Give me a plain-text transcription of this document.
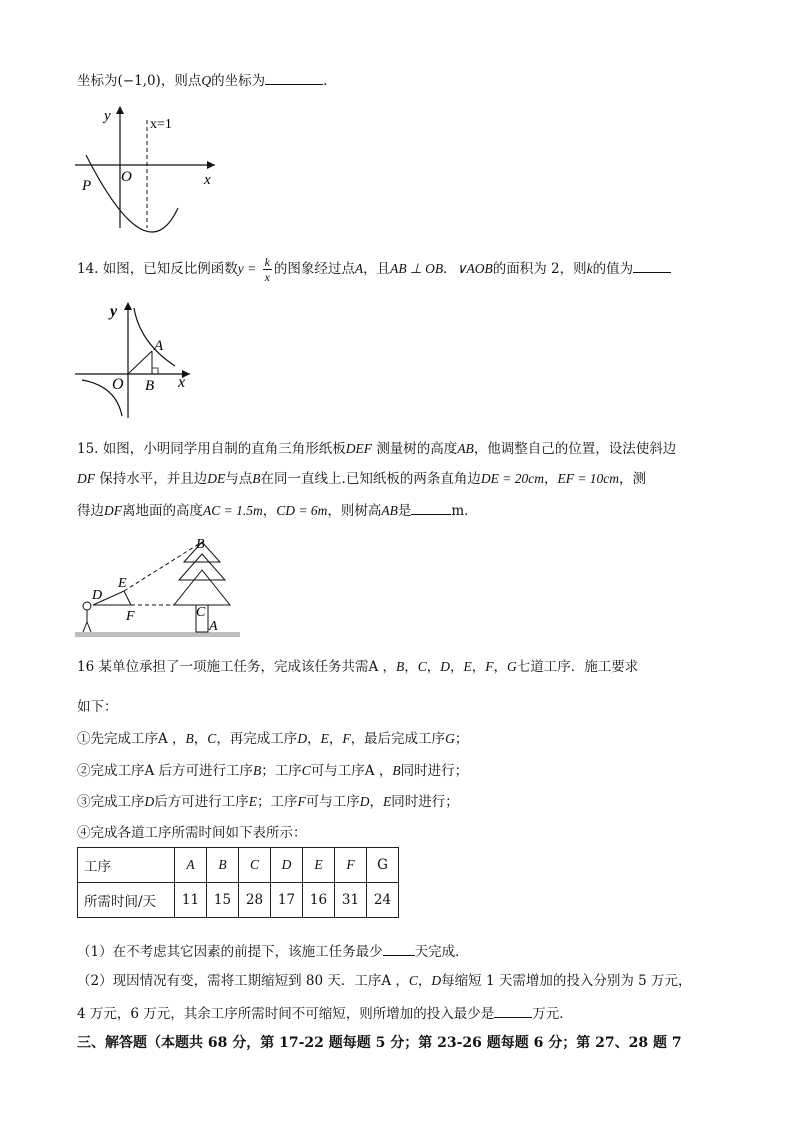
坐标为(−1,0)，则点Q的坐标为	.
y
x
O
P
x=1
14. 如图，已知反比例函数$y = \frac{k}{x}$ 的图象经过点A，且AB ⊥ OB．∨AOB的面积为 2，则k的值为
y
x
O
A
B
15. 如图，小明同学用自制的直角三角形纸板DEF 测量树的高度AB，他调整自己的位置，设法使斜边
DF 保持水平，并且边DE与点B在同一直线上.已知纸板的两条直角边DE = 20cm，EF = 10cm，测
得边DF离地面的高度AC = 1.5m，CD = 6m，则树高AB是	m．
B
E
D
F	C
A
16 某单位承担了一项施工任务，完成该任务共需A ，B，C，D，E，F，G七道工序．施工要求
如下：
①先完成工序A ，B，C，再完成工序D，E，F，最后完成工序G；
②完成工序A 后方可进行工序B；工序C可与工序A ，B同时进行；
③完成工序D后方可进行工序E；工序F可与工序D，E同时进行；
④完成各道工序所需时间如下表所示：
工序	A	B	C	D	E	F	G
所需时间/天	11	15	28	17	16	31	24
（1）在不考虑其它因素的前提下，该施工任务最少 天完成．
（2）现因情况有变，需将工期缩短到 80 天．工序A ，C，D每缩短 1 天需增加的投入分别为 5 万元，
4 万元，6 万元，其余工序所需时间不可缩短，则所增加的投入最少是	万元．
三、解答题（本题共 68 分，第 17-22 题每题 5 分；第 23-26 题每题 6 分；第 27、28 题 7
